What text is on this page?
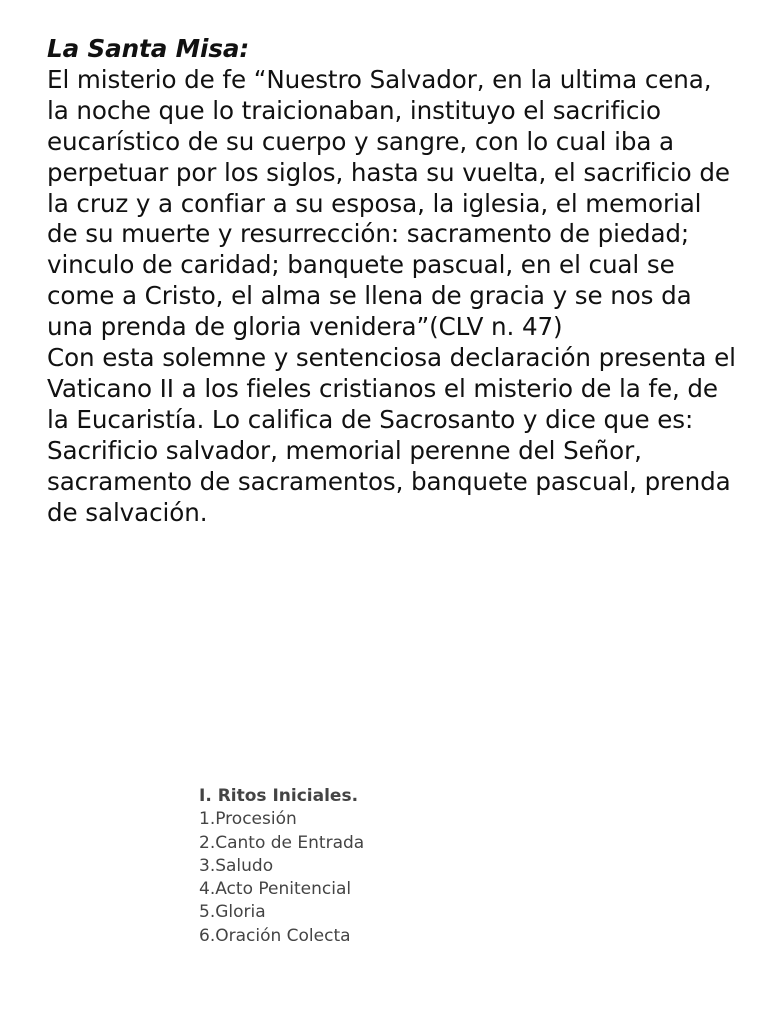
La Santa Misa:

El misterio de fe “Nuestro Salvador, en la ultima cena, la noche que lo traicionaban, instituyo el sacrificio eucarístico de su cuerpo y sangre, con lo cual iba a perpetuar por los siglos, hasta su vuelta, el sacrificio de la cruz y a confiar a su esposa, la iglesia, el memorial de su muerte y resurrección: sacramento de piedad; vinculo de caridad; banquete pascual, en el cual se come a Cristo, el alma se llena de gracia y se nos da una prenda de gloria venidera”(CLV n. 47)

Con esta solemne y sentenciosa declaración presenta el Vaticano II a los fieles cristianos el misterio de la fe, de la Eucaristía. Lo califica de Sacrosanto y dice que es: Sacrificio salvador, memorial perenne del Señor, sacramento de sacramentos, banquete pascual, prenda de salvación.

I. Ritos Iniciales.
1.Procesión
2.Canto de Entrada
3.Saludo
4.Acto Penitencial
5.Gloria
6.Oración Colecta
